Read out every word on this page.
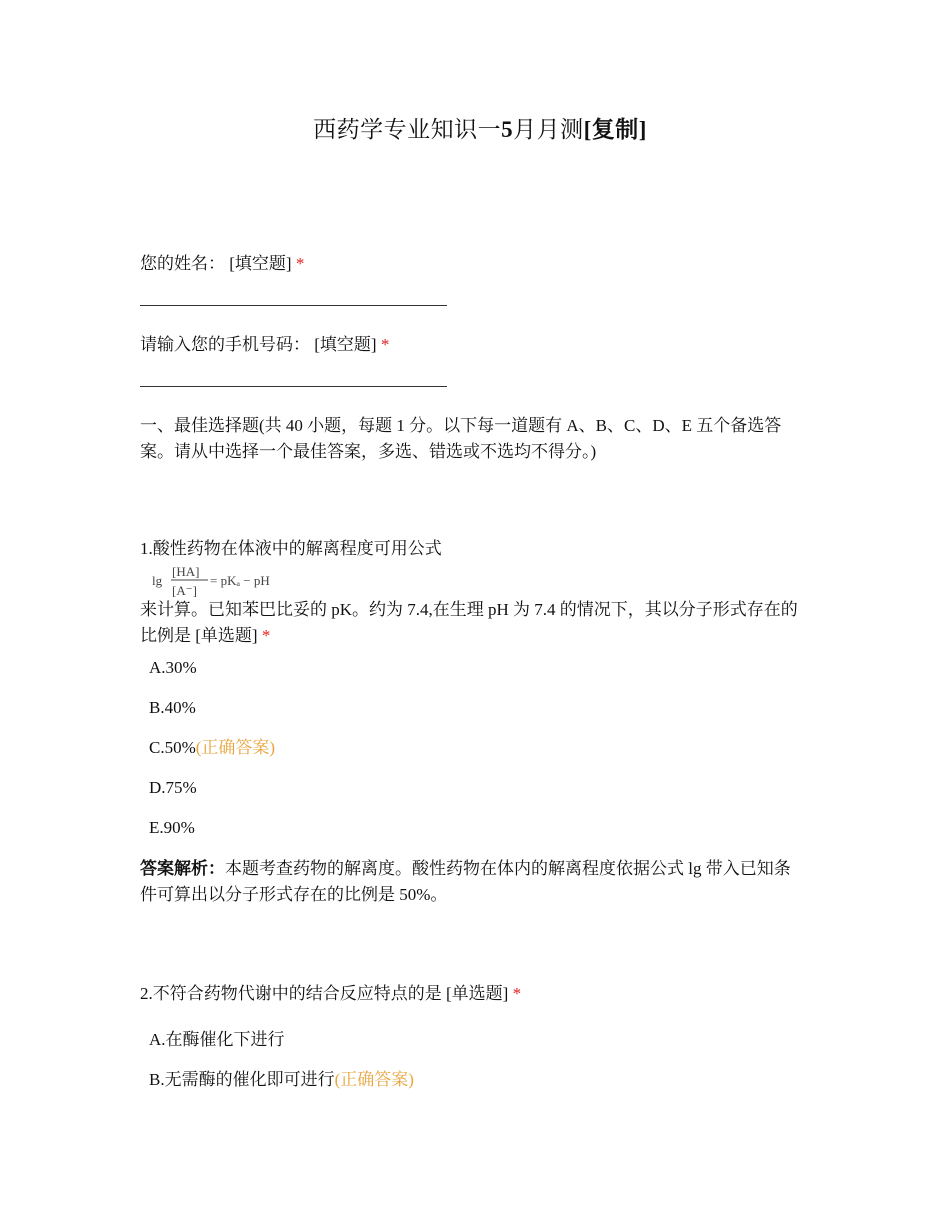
西药学专业知识一5月月测[复制]
您的姓名： [填空题] *
请输入您的手机号码： [填空题] *
一、最佳选择题(共 40 小题，每题 1 分。以下每一道题有 A、B、C、D、E 五个备选答案。请从中选择一个最佳答案，多选、错选或不选均不得分。)
1.酸性药物在体液中的解离程度可用公式
lg
[HA]
[A⁻]
= pKₐ − pH
来计算。已知苯巴比妥的 pK。约为 7.4,在生理 pH 为 7.4 的情况下，其以分子形式存在的比例是 [单选题] *
A.30%
B.40%
C.50%(正确答案)
D.75%
E.90%
答案解析：本题考查药物的解离度。酸性药物在体内的解离程度依据公式 lg 带入已知条件可算出以分子形式存在的比例是 50%。
2.不符合药物代谢中的结合反应特点的是 [单选题] *
A.在酶催化下进行
B.无需酶的催化即可进行(正确答案)
